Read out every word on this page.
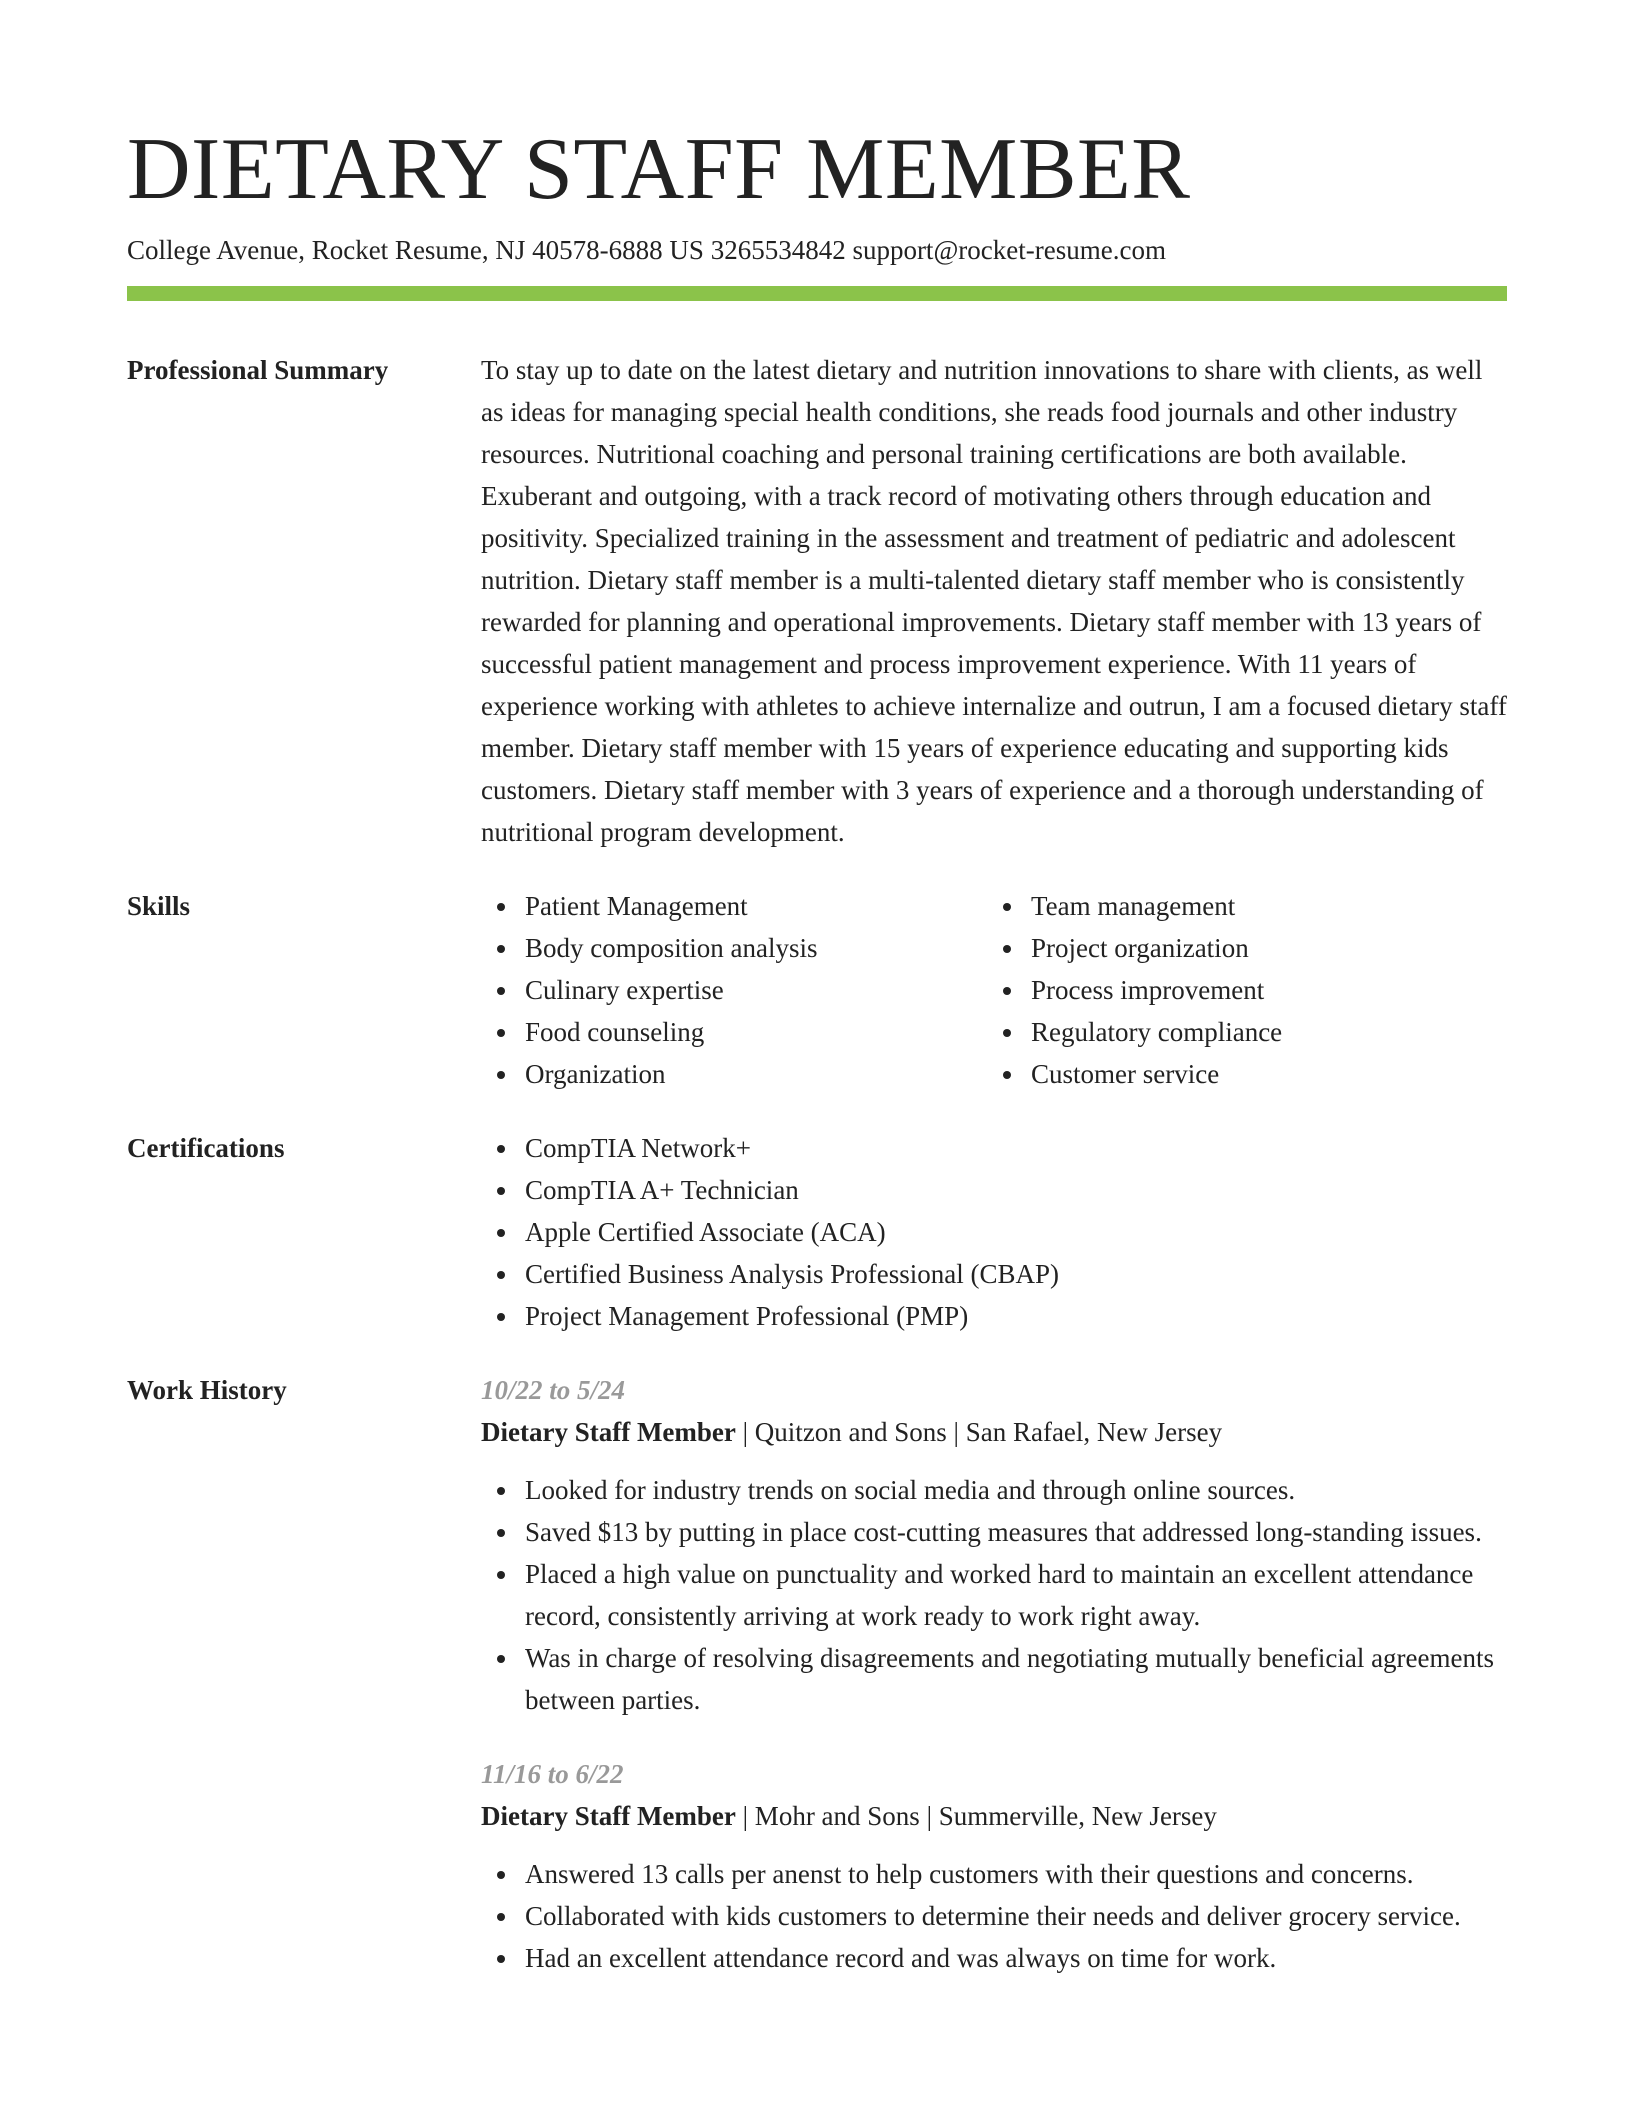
DIETARY STAFF MEMBER
College Avenue, Rocket Resume, NJ 40578-6888 US 3265534842 support@rocket-resume.com
Professional Summary	To stay up to date on the latest dietary and nutrition innovations to share with clients, as well as ideas for managing special health conditions, she reads food journals and other industry resources. Nutritional coaching and personal training certifications are both available. Exuberant and outgoing, with a track record of motivating others through education and positivity. Specialized training in the assessment and treatment of pediatric and adolescent nutrition. Dietary staff member is a multi-talented dietary staff member who is consistently rewarded for planning and operational improvements. Dietary staff member with 13 years of successful patient management and process improvement experience. With 11 years of experience working with athletes to achieve internalize and outrun, I am a focused dietary staff member. Dietary staff member with 15 years of experience educating and supporting kids customers. Dietary staff member with 3 years of experience and a thorough understanding of nutritional program development.

Skills	Patient Management
Body composition analysis
Culinary expertise
Food counseling
Organization
Team management
Project organization
Process improvement
Regulatory compliance
Customer service
Certifications	CompTIA Network+
CompTIA A+ Technician
Apple Certified Associate (ACA)
Certified Business Analysis Professional (CBAP)
Project Management Professional (PMP)
Work History	10/22 to 5/24
Dietary Staff Member | Quitzon and Sons | San Rafael, New Jersey
Looked for industry trends on social media and through online sources.
Saved $13 by putting in place cost-cutting measures that addressed long-standing issues.
Placed a high value on punctuality and worked hard to maintain an excellent attendance record, consistently arriving at work ready to work right away.
Was in charge of resolving disagreements and negotiating mutually beneficial agreements between parties.
11/16 to 6/22
Dietary Staff Member | Mohr and Sons | Summerville, New Jersey
Answered 13 calls per anenst to help customers with their questions and concerns.
Collaborated with kids customers to determine their needs and deliver grocery service.
Had an excellent attendance record and was always on time for work.
